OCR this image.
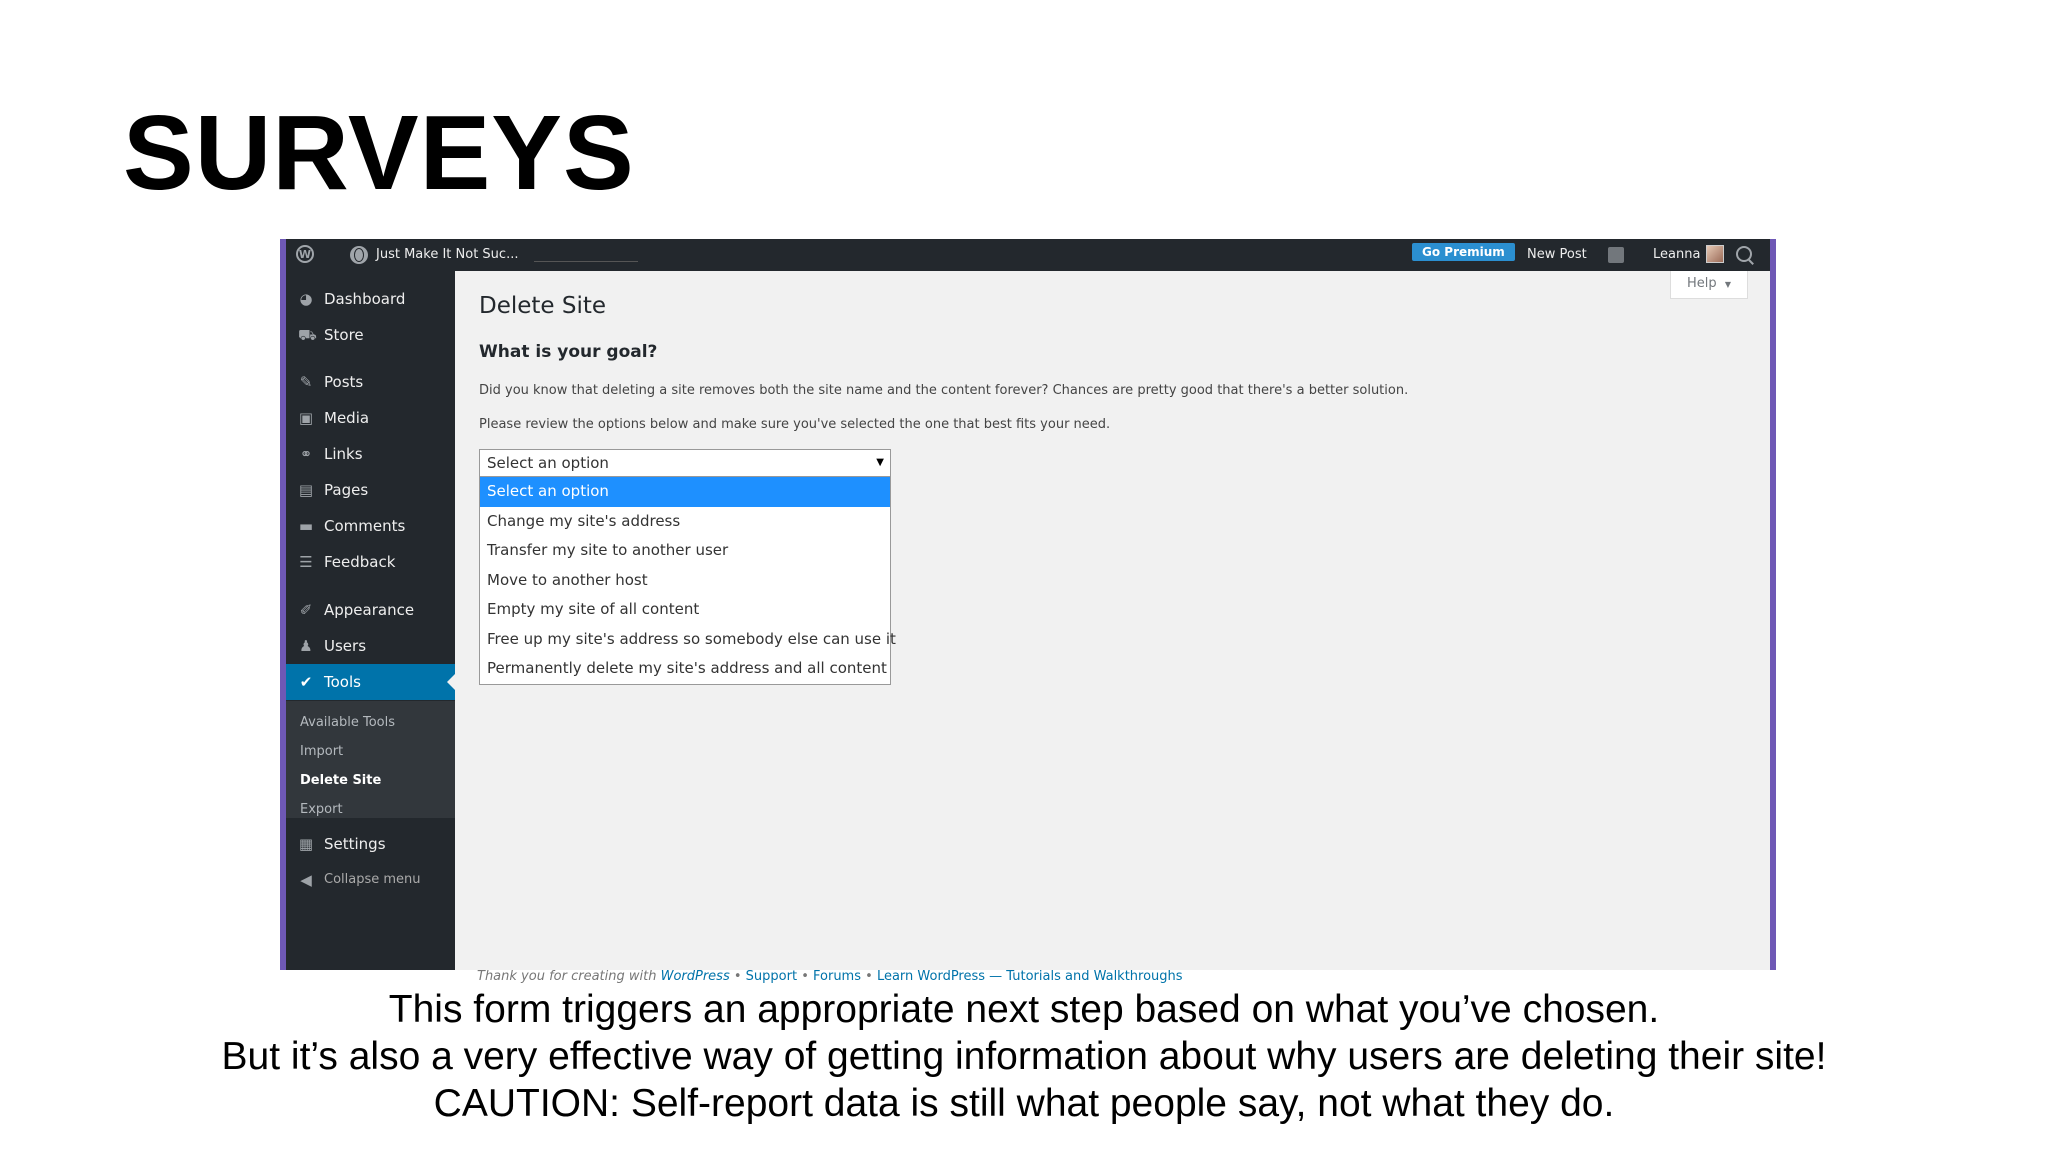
SURVEYS
W	Just Make It Not Suc...	Go Premium	New Post	Leanna
◕ Dashboard
⛟ Store
✎ Posts
▣ Media
⚭ Links
▤ Pages
▬ Comments
☰ Feedback
✐ Appearance
♟ Users
✔ Tools
Available Tools
Import
Delete Site
Export
▦ Settings
◀ Collapse menu
Help ▼
Delete Site
What is your goal?
Did you know that deleting a site removes both the site name and the content forever? Chances are pretty good that there's a better solution.
Please review the options below and make sure you've selected the one that best fits your need.
Select an option	▼
Select an option
Change my site's address
Transfer my site to another user
Move to another host
Empty my site of all content
Free up my site's address so somebody else can use it
Permanently delete my site's address and all content
Thank you for creating with WordPress • Support • Forums • Learn WordPress — Tutorials and Walkthroughs
This form triggers an appropriate next step based on what you’ve chosen.
But it’s also a very effective way of getting information about why users are deleting their site!
CAUTION: Self-report data is still what people say, not what they do.
